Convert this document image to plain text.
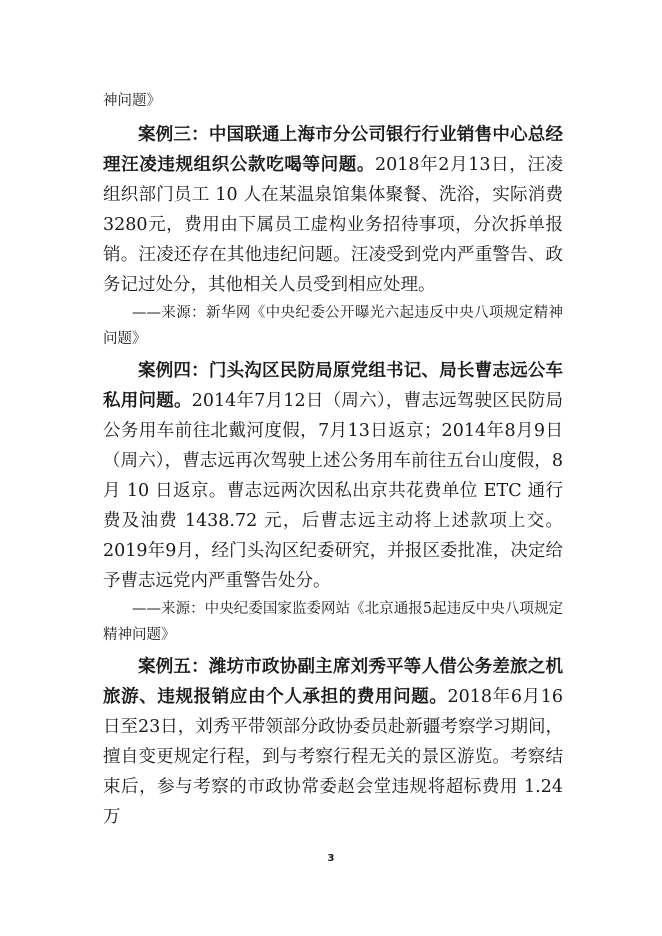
神问题》

案例三：中国联通上海市分公司银行行业销售中心总经理汪凌违规组织公款吃喝等问题。2018年2月13日，汪凌组织部门员工 10 人在某温泉馆集体聚餐、洗浴，实际消费3280元，费用由下属员工虚构业务招待事项，分次拆单报销。汪凌还存在其他违纪问题。汪凌受到党内严重警告、政务记过处分，其他相关人员受到相应处理。

——来源：新华网《中央纪委公开曝光六起违反中央八项规定精神问题》

案例四：门头沟区民防局原党组书记、局长曹志远公车私用问题。2014年7月12日（周六），曹志远驾驶区民防局公务用车前往北戴河度假，7月13日返京；2014年8月9日（周六），曹志远再次驾驶上述公务用车前往五台山度假，8月 10 日返京。曹志远两次因私出京共花费单位 ETC 通行费及油费 1438.72 元，后曹志远主动将上述款项上交。2019年9月，经门头沟区纪委研究，并报区委批准，决定给予曹志远党内严重警告处分。

——来源：中央纪委国家监委网站《北京通报5起违反中央八项规定精神问题》

案例五：潍坊市政协副主席刘秀平等人借公务差旅之机旅游、违规报销应由个人承担的费用问题。2018年6月16日至23日，刘秀平带领部分政协委员赴新疆考察学习期间，擅自变更规定行程，到与考察行程无关的景区游览。考察结束后，参与考察的市政协常委赵会堂违规将超标费用 1.24 万

3
